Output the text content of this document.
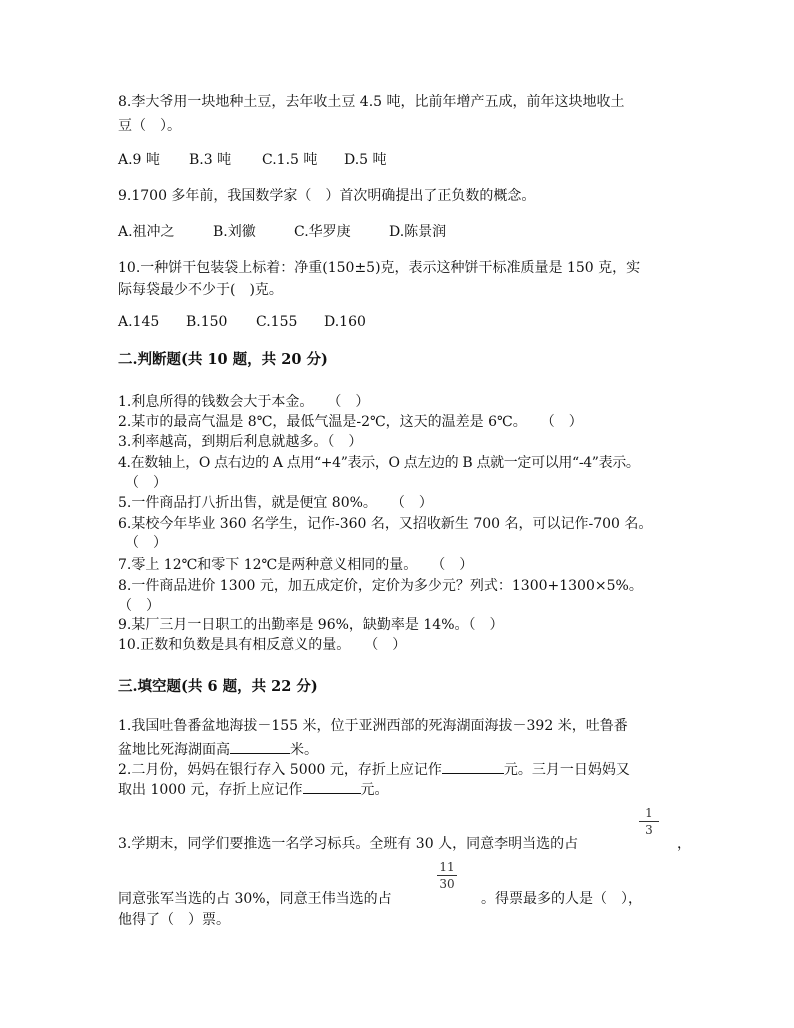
8.李大爷用一块地种土豆，去年收土豆 4.5 吨，比前年增产五成，前年这块地收土
豆（　）。
A.9 吨 B.3 吨 C.1.5 吨 D.5 吨
9.1700 多年前，我国数学家（　）首次明确提出了正负数的概念。
A.祖冲之	B.刘徽	C.华罗庚	D.陈景润
10.一种饼干包装袋上标着：净重(150±5)克，表示这种饼干标准质量是 150 克，实
际每袋最少不少于(　)克。
A.145 B.150 C.155 D.160
二.判断题(共 10 题，共 20 分)
1.利息所得的钱数会大于本金。　　（　）
2.某市的最高气温是 8℃，最低气温是-2℃，这天的温差是 6℃。　　（　）
3.利率越高，到期后利息就越多。（　）
4.在数轴上，O 点右边的 A 点用“+4”表示，O 点左边的 B 点就一定可以用“-4”表示。
　（　）
5.一件商品打八折出售，就是便宜 80%。　　（　）
6.某校今年毕业 360 名学生，记作-360 名，又招收新生 700 名，可以记作-700 名。
　（　）
7.零上 12℃和零下 12℃是两种意义相同的量。　　（　）
8.一件商品进价 1300 元，加五成定价，定价为多少元？列式：1300+1300×5%。
（　）
9.某厂三月一日职工的出勤率是 96%，缺勤率是 14%。（　）
10.正数和负数是具有相反意义的量。　　（　）
三.填空题(共 6 题，共 22 分)
1.我国吐鲁番盆地海拔－155 米，位于亚洲西部的死海湖面海拔－392 米，吐鲁番
盆地比死海湖面高	米。
2.二月份，妈妈在银行存入 5000 元，存折上应记作	元。三月一日妈妈又
取出 1000 元，存折上应记作	元。
1
3
3.学期末，同学们要推选一名学习标兵。全班有 30 人，同意李明当选的占	，
11
30
同意张军当选的占 30%，同意王伟当选的占	。得票最多的人是（　），
他得了（　）票。
